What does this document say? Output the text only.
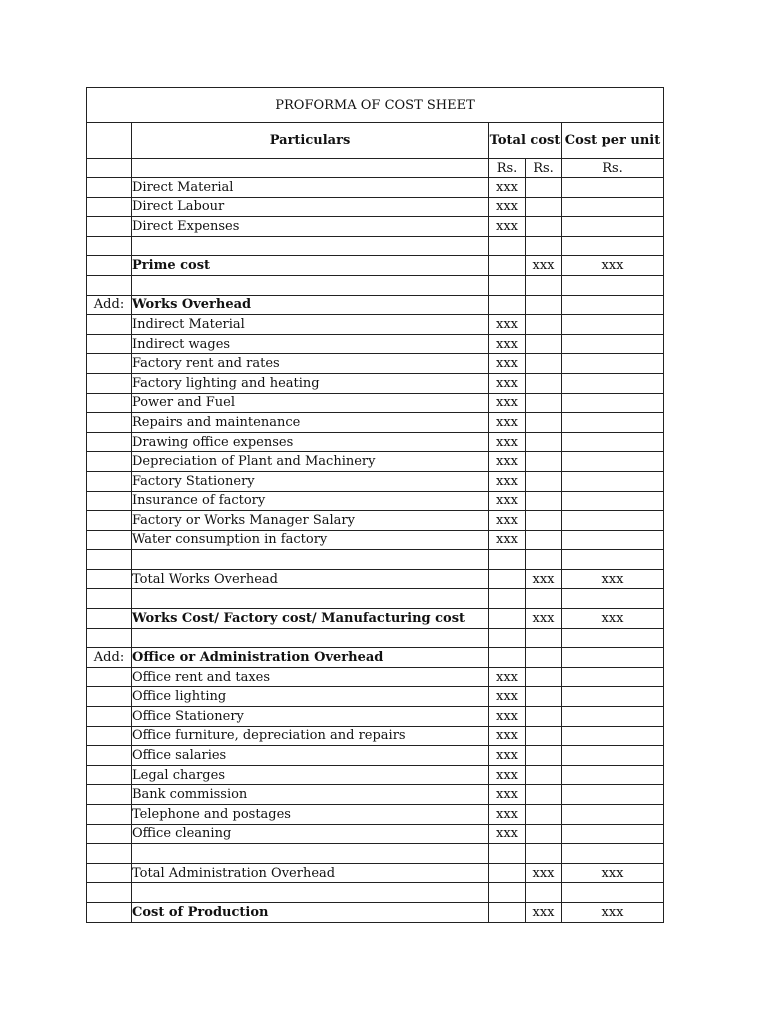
PROFORMA OF COST SHEET				
	Particulars	Total cost		Cost per unit
		Rs.	Rs.	Rs.
	Direct Material	xxx		
	Direct Labour	xxx		
	Direct Expenses	xxx		

	Prime cost		xxx	xxx

Add:	Works Overhead			
	Indirect Material	xxx		
	Indirect wages	xxx		
	Factory rent and rates	xxx		
	Factory lighting and heating	xxx		
	Power and Fuel	xxx		
	Repairs and maintenance	xxx		
	Drawing office expenses	xxx		
	Depreciation of Plant and Machinery	xxx		
	Factory Stationery	xxx		
	Insurance of factory	xxx		
	Factory or Works Manager Salary	xxx		
	Water consumption in factory	xxx		

	Total Works Overhead		xxx	xxx

	Works Cost/ Factory cost/ Manufacturing cost		xxx	xxx

Add:	Office or Administration Overhead			
	Office rent and taxes	xxx		
	Office lighting	xxx		
	Office Stationery	xxx		
	Office furniture, depreciation and repairs	xxx		
	Office salaries	xxx		
	Legal charges	xxx		
	Bank commission	xxx		
	Telephone and postages	xxx		
	Office cleaning	xxx		

	Total Administration Overhead		xxx	xxx

	Cost of Production		xxx	xxx
